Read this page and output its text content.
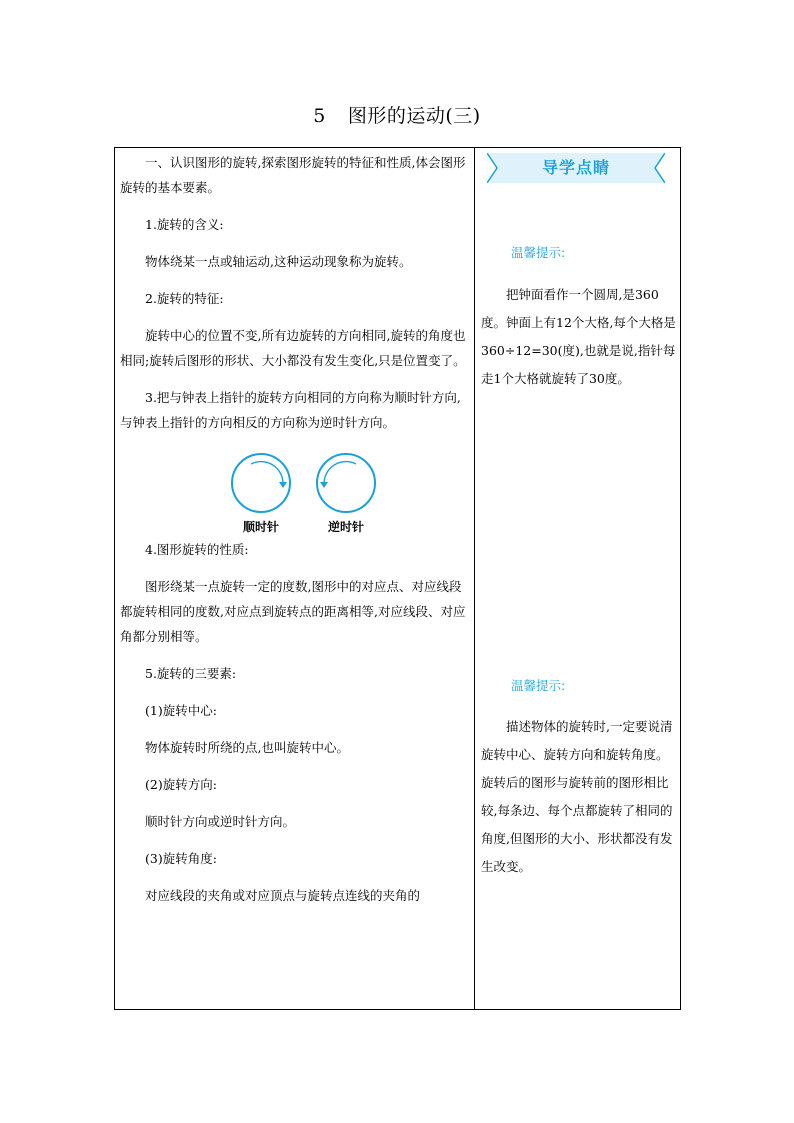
5 图形的运动(三)

一、认识图形的旋转,探索图形旋转的特征和性质,体会图形旋转的基本要素。

1.旋转的含义:

物体绕某一点或轴运动,这种运动现象称为旋转。

2.旋转的特征:

旋转中心的位置不变,所有边旋转的方向相同,旋转的角度也相同;旋转后图形的形状、大小都没有发生变化,只是位置变了。

3.把与钟表上指针的旋转方向相同的方向称为顺时针方向,与钟表上指针的方向相反的方向称为逆时针方向。

顺时针	逆时针

4.图形旋转的性质:

图形绕某一点旋转一定的度数,图形中的对应点、对应线段都旋转相同的度数,对应点到旋转点的距离相等,对应线段、对应角都分别相等。

5.旋转的三要素:

(1)旋转中心:

物体旋转时所绕的点,也叫旋转中心。

(2)旋转方向:

顺时针方向或逆时针方向。

(3)旋转角度:

对应线段的夹角或对应顶点与旋转点连线的夹角的

导学点睛
温馨提示:

把钟面看作一个圆周,是360度。钟面上有12个大格,每个大格是360÷12=30(度),也就是说,指针每走1个大格就旋转了30度。

温馨提示:

描述物体的旋转时,一定要说清旋转中心、旋转方向和旋转角度。旋转后的图形与旋转前的图形相比较,每条边、每个点都旋转了相同的角度,但图形的大小、形状都没有发生改变。
